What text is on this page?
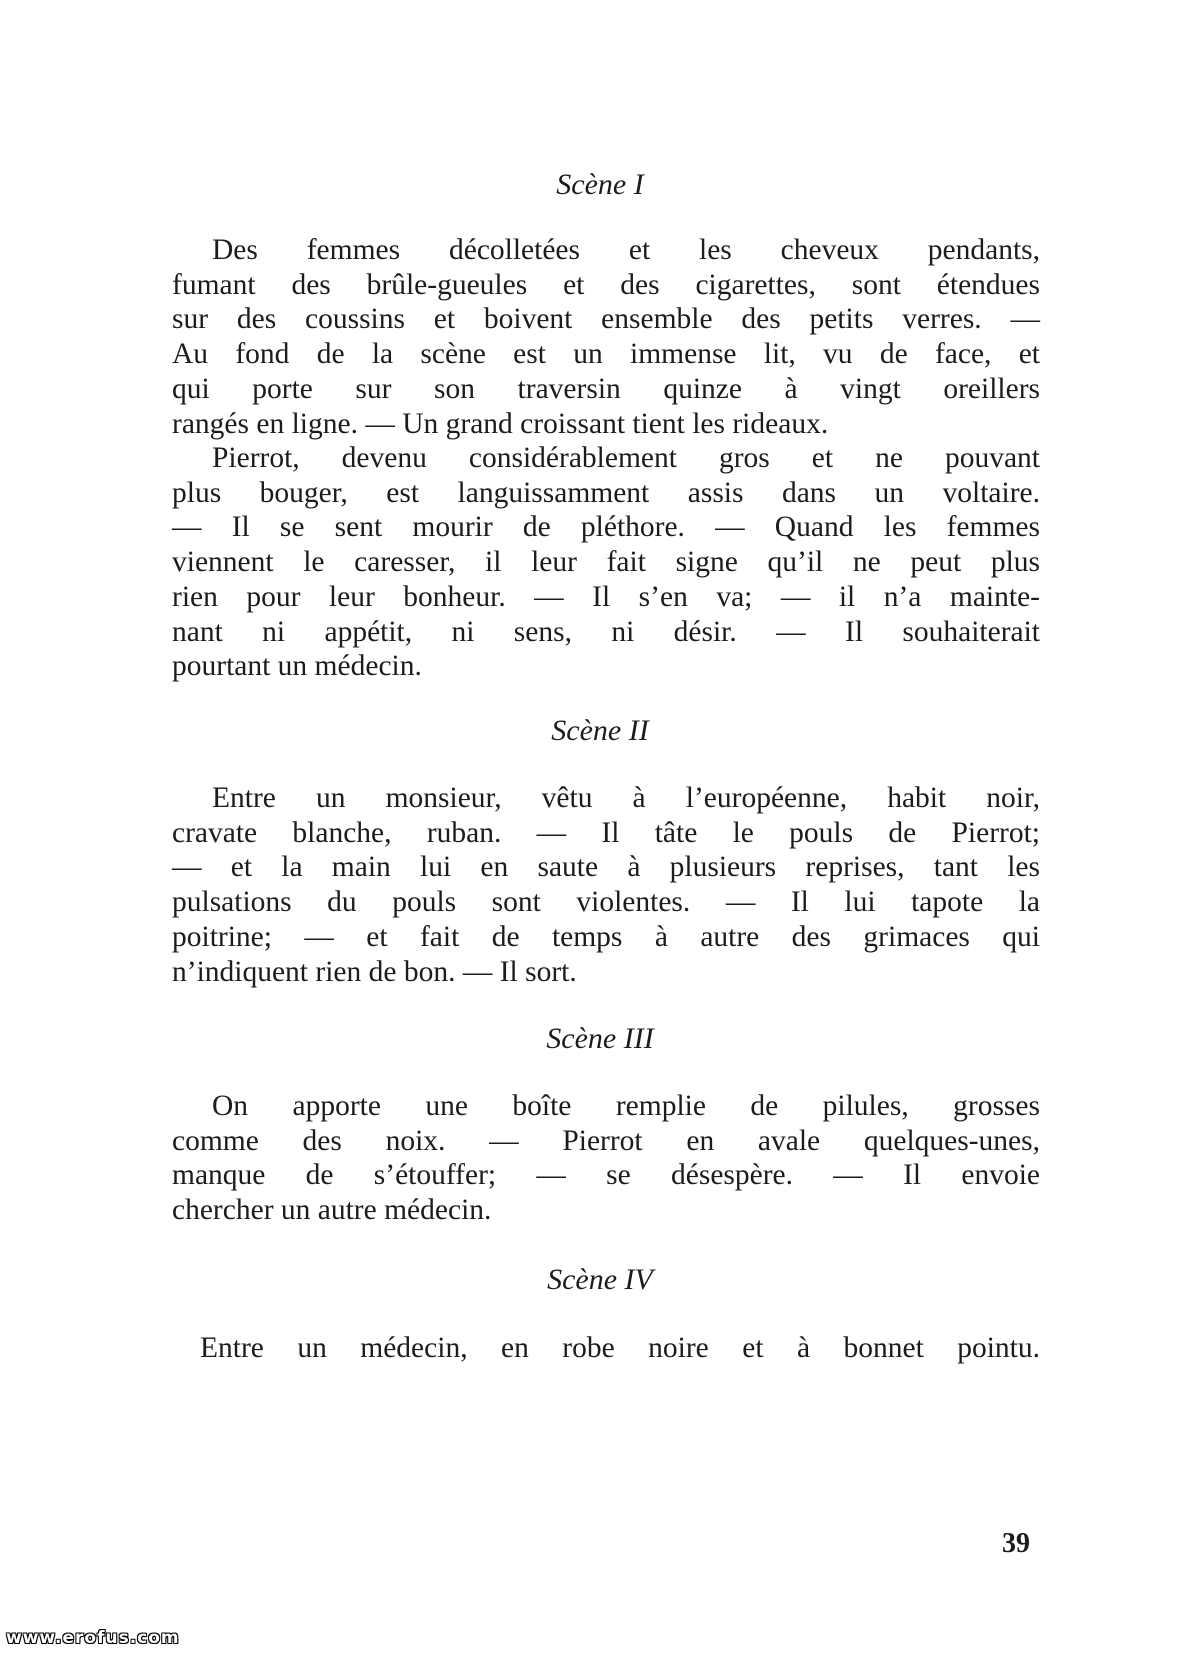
Scène I
Des femmes décolletées et les cheveux pendants,
fumant des brûle-gueules et des cigarettes, sont étendues
sur des coussins et boivent ensemble des petits verres. —
Au fond de la scène est un immense lit, vu de face, et
qui porte sur son traversin quinze à vingt oreillers
rangés en ligne. — Un grand croissant tient les rideaux.
Pierrot, devenu considérablement gros et ne pouvant
plus bouger, est languissamment assis dans un voltaire.
— Il se sent mourir de pléthore. — Quand les femmes
viennent le caresser, il leur fait signe qu’il ne peut plus
rien pour leur bonheur. — Il s’en va; — il n’a mainte-
nant ni appétit, ni sens, ni désir. — Il souhaiterait
pourtant un médecin.
Scène II
Entre un monsieur, vêtu à l’européenne, habit noir,
cravate blanche, ruban. — Il tâte le pouls de Pierrot;
— et la main lui en saute à plusieurs reprises, tant les
pulsations du pouls sont violentes. — Il lui tapote la
poitrine; — et fait de temps à autre des grimaces qui
n’indiquent rien de bon. — Il sort.
Scène III
On apporte une boîte remplie de pilules, grosses
comme des noix. — Pierrot en avale quelques-unes,
manque de s’étouffer; — se désespère. — Il envoie
chercher un autre médecin.
Scène IV

Entre un médecin, en robe noire et à bonnet pointu.

39

www.erofus.com
